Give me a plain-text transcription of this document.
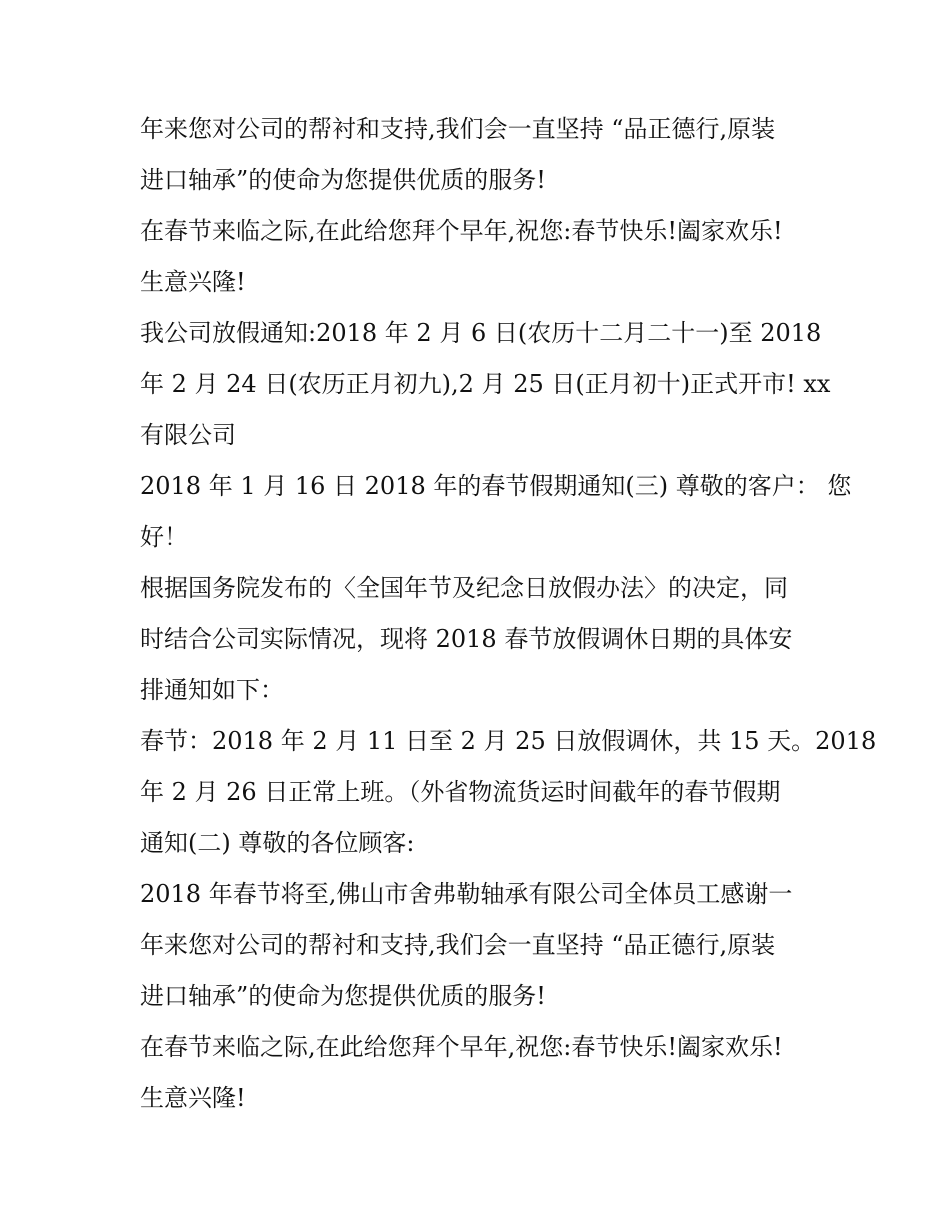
年来您对公司的帮衬和支持,我们会一直坚持 “品正德行,原装
进口轴承”的使命为您提供优质的服务!
在春节来临之际,在此给您拜个早年,祝您:春节快乐!阖家欢乐!
生意兴隆!
我公司放假通知:2018 年 2 月 6 日(农历十二月二十一)至 2018
年 2 月 24 日(农历正月初九),2 月 25 日(正月初十)正式开市! xx
有限公司
2018 年 1 月 16 日 2018 年的春节假期通知(三) 尊敬的客户： 您
好！
根据国务院发布的〈全国年节及纪念日放假办法〉的决定，同
时结合公司实际情况，现将 2018 春节放假调休日期的具体安
排通知如下：
春节：2018 年 2 月 11 日至 2 月 25 日放假调休，共 15 天。2018
年 2 月 26 日正常上班。（外省物流货运时间截年的春节假期
通知(二) 尊敬的各位顾客:
2018 年春节将至,佛山市舍弗勒轴承有限公司全体员工感谢一
年来您对公司的帮衬和支持,我们会一直坚持 “品正德行,原装
进口轴承”的使命为您提供优质的服务!
在春节来临之际,在此给您拜个早年,祝您:春节快乐!阖家欢乐!
生意兴隆!
